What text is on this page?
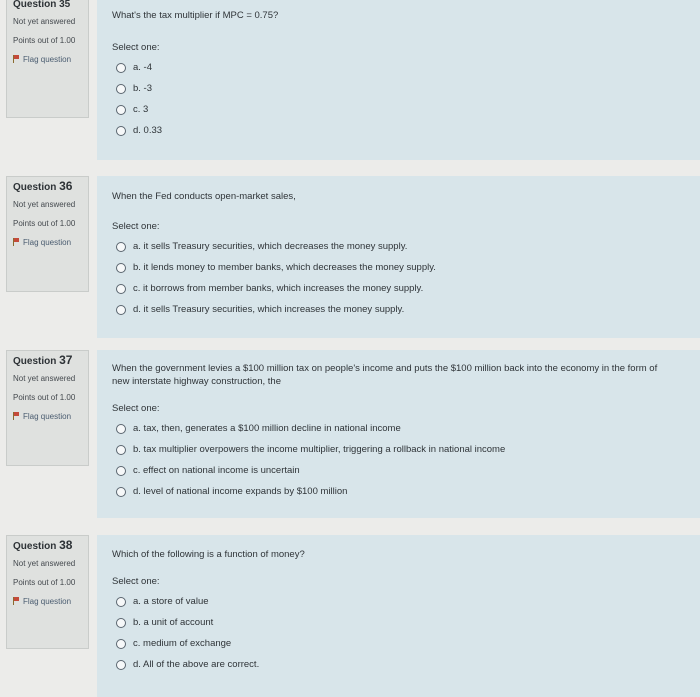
Question 35
Not yet answered
Points out of 1.00
Flag question
What's the tax multiplier if MPC = 0.75?
Select one:
a. -4
b. -3
c. 3
d. 0.33
Question 36
Not yet answered
Points out of 1.00
Flag question
When the Fed conducts open-market sales,
Select one:
a. it sells Treasury securities, which decreases the money supply.
b. it lends money to member banks, which decreases the money supply.
c. it borrows from member banks, which increases the money supply.
d. it sells Treasury securities, which increases the money supply.
Question 37
Not yet answered
Points out of 1.00
Flag question
When the government levies a $100 million tax on people's income and puts the $100 million back into the economy in the form of
new interstate highway construction, the
Select one:
a. tax, then, generates a $100 million decline in national income
b. tax multiplier overpowers the income multiplier, triggering a rollback in national income
c. effect on national income is uncertain
d. level of national income expands by $100 million
Question 38
Not yet answered
Points out of 1.00
Flag question
Which of the following is a function of money?
Select one:
a. a store of value
b. a unit of account
c. medium of exchange
d. All of the above are correct.
